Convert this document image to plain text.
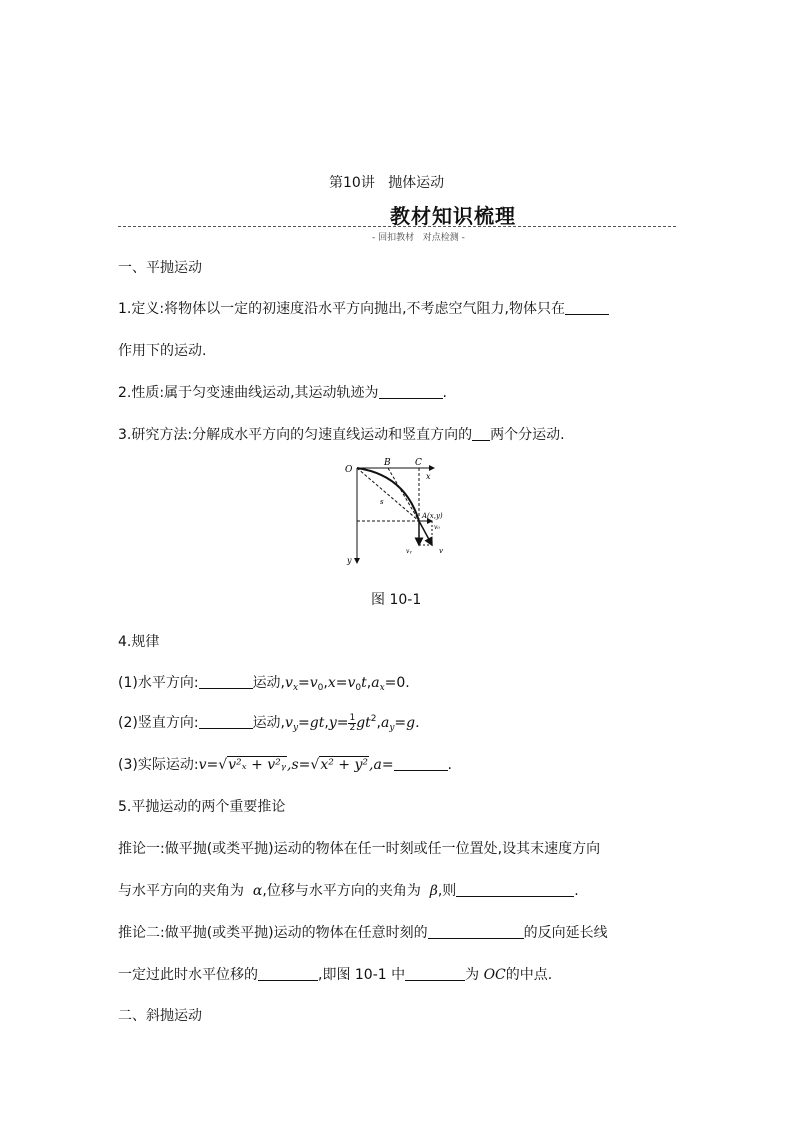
第10讲 抛体运动
教材知识梳理
- 回扣教材 对点检测 -
一、平抛运动
1.定义:将物体以一定的初速度沿水平方向抛出,不考虑空气阻力,物体只在
作用下的运动.
2.性质:属于匀变速曲线运动,其运动轨迹为	.
3.研究方法:分解成水平方向的匀速直线运动和竖直方向的 两个分运动.
O
B	C
x
y
s
A(x,y)
v₀
vᵧ	v
图 10-1
4.规律
(1)水平方向:	运动$,v_x=v_0,x=v_0t,a_x=0$.
(2)竖直方向:	运动$,v_y=gt,y= \frac{1}{2} gt^2,a_y=g$.
(3)实际运动:v=√v²ₓ + v²ᵧ,s=√x² + y²,a=	.
5.平抛运动的两个重要推论
推论一:做平抛(或类平抛)运动的物体在任一时刻或任一位置处,设其末速度方向
与水平方向的夹角为 α,位移与水平方向的夹角为 β,则	.
推论二:做平抛(或类平抛)运动的物体在任意时刻的	的反向延长线
一定过此时水平位移的	,即图 10-1 中	为 OC的中点.
二、斜抛运动
